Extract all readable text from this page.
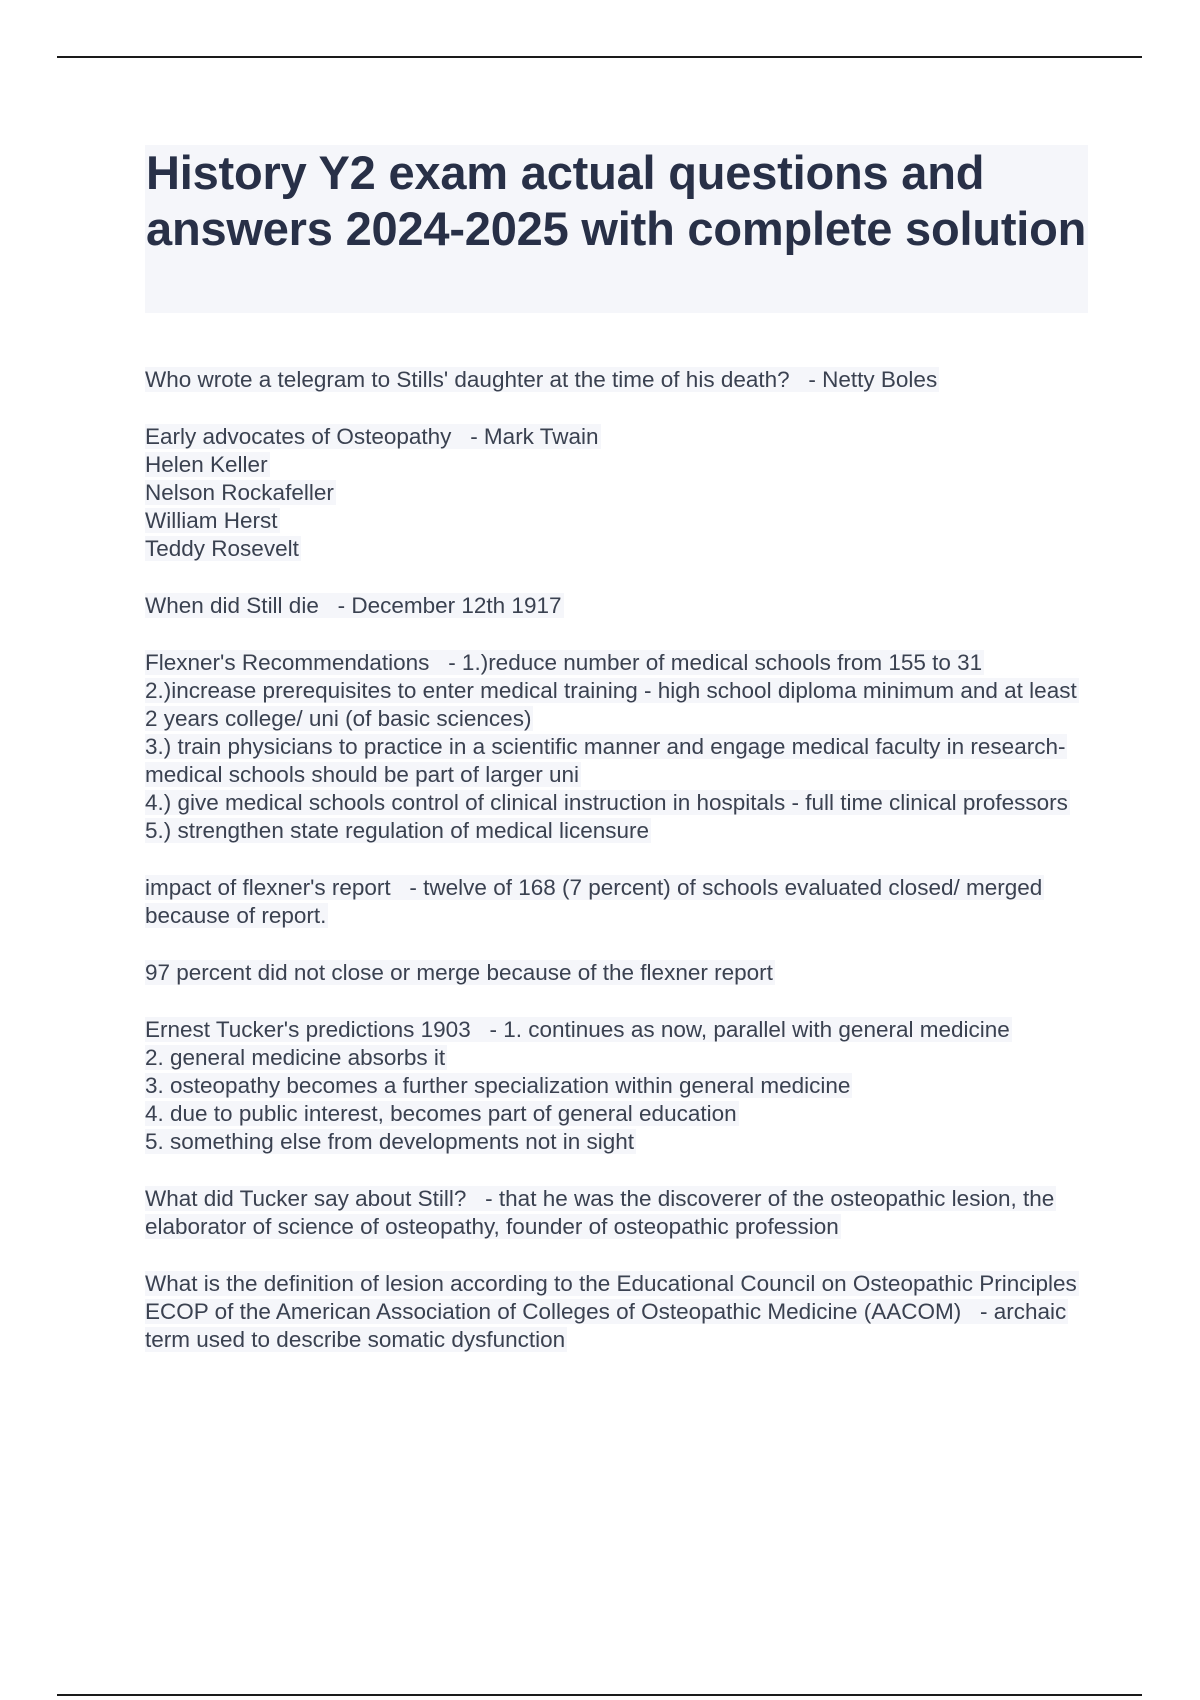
History Y2 exam actual questions and answers 2024-2025 with complete solution

Who wrote a telegram to Stills' daughter at the time of his death? - Netty Boles

Early advocates of Osteopathy - Mark Twain
Helen Keller
Nelson Rockafeller
William Herst
Teddy Rosevelt

When did Still die - December 12th 1917

Flexner's Recommendations - 1.)reduce number of medical schools from 155 to 31
2.)increase prerequisites to enter medical training - high school diploma minimum and at least 2 years college/ uni (of basic sciences)
3.) train physicians to practice in a scientific manner and engage medical faculty in research- medical schools should be part of larger uni
4.) give medical schools control of clinical instruction in hospitals - full time clinical professors
5.) strengthen state regulation of medical licensure

impact of flexner's report - twelve of 168 (7 percent) of schools evaluated closed/ merged because of report.

97 percent did not close or merge because of the flexner report

Ernest Tucker's predictions 1903 - 1. continues as now, parallel with general medicine
2. general medicine absorbs it
3. osteopathy becomes a further specialization within general medicine
4. due to public interest, becomes part of general education
5. something else from developments not in sight

What did Tucker say about Still? - that he was the discoverer of the osteopathic lesion, the elaborator of science of osteopathy, founder of osteopathic profession

What is the definition of lesion according to the Educational Council on Osteopathic Principles ECOP of the American Association of Colleges of Osteopathic Medicine (AACOM) - archaic term used to describe somatic dysfunction
